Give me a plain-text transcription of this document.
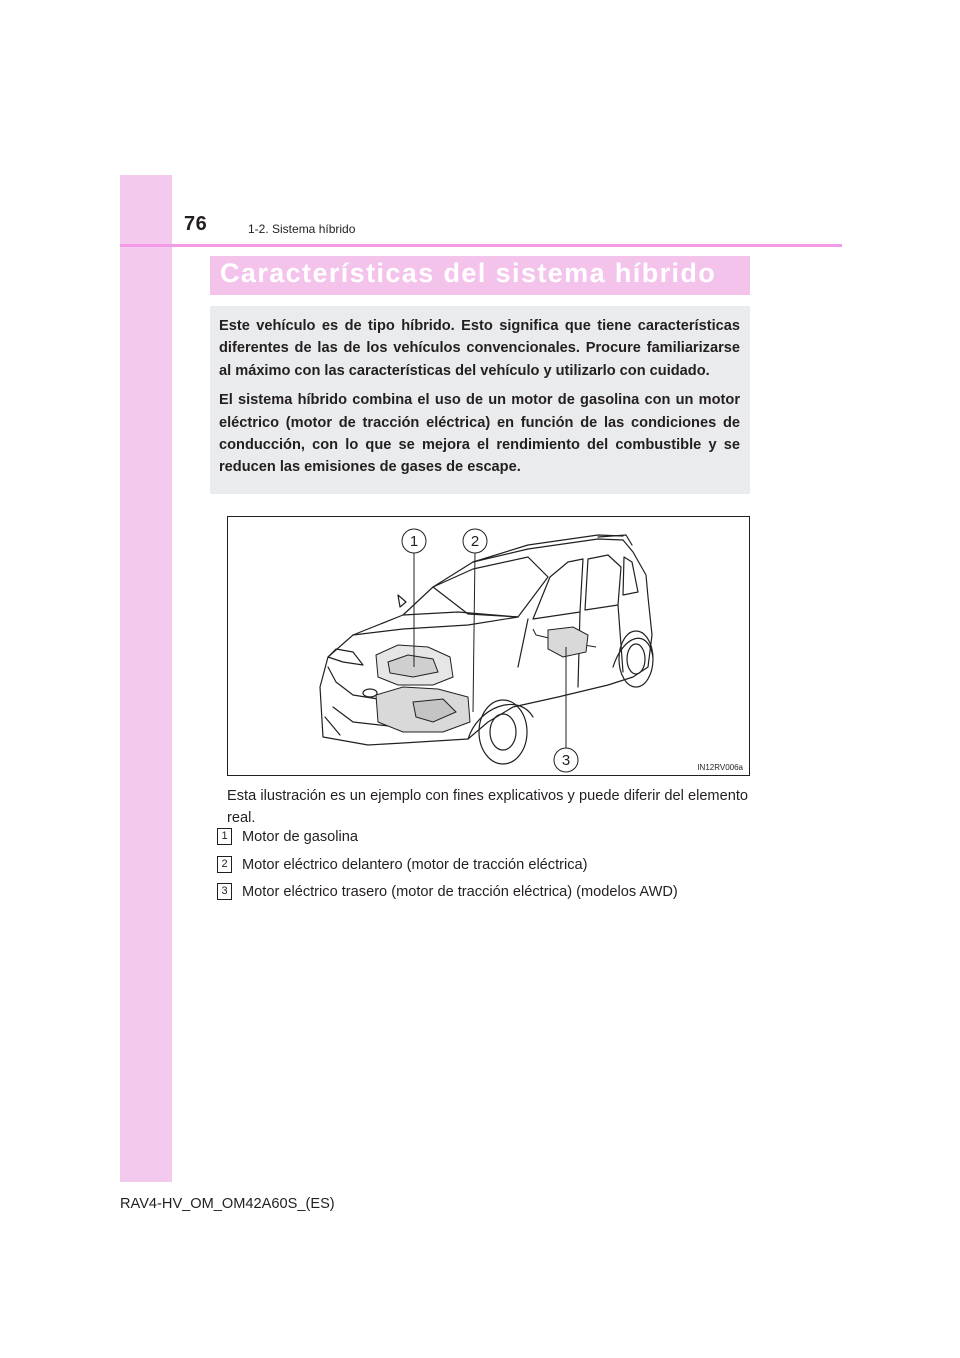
76	1-2. Sistema híbrido
Características del sistema híbrido

Este vehículo es de tipo híbrido. Esto significa que tiene características diferentes de las de los vehículos convencionales. Procure familiarizarse al máximo con las características del vehículo y utilizarlo con cuidado.

El sistema híbrido combina el uso de un motor de gasolina con un motor eléctrico (motor de tracción eléctrica) en función de las condiciones de conducción, con lo que se mejora el rendimiento del combustible y se reducen las emisiones de gases de escape.

1	2
3	IN12RV006a
Esta ilustración es un ejemplo con fines explicativos y puede diferir del elemento real.
1 Motor de gasolina
2 Motor eléctrico delantero (motor de tracción eléctrica)
3 Motor eléctrico trasero (motor de tracción eléctrica) (modelos AWD)
RAV4-HV_OM_OM42A60S_(ES)
